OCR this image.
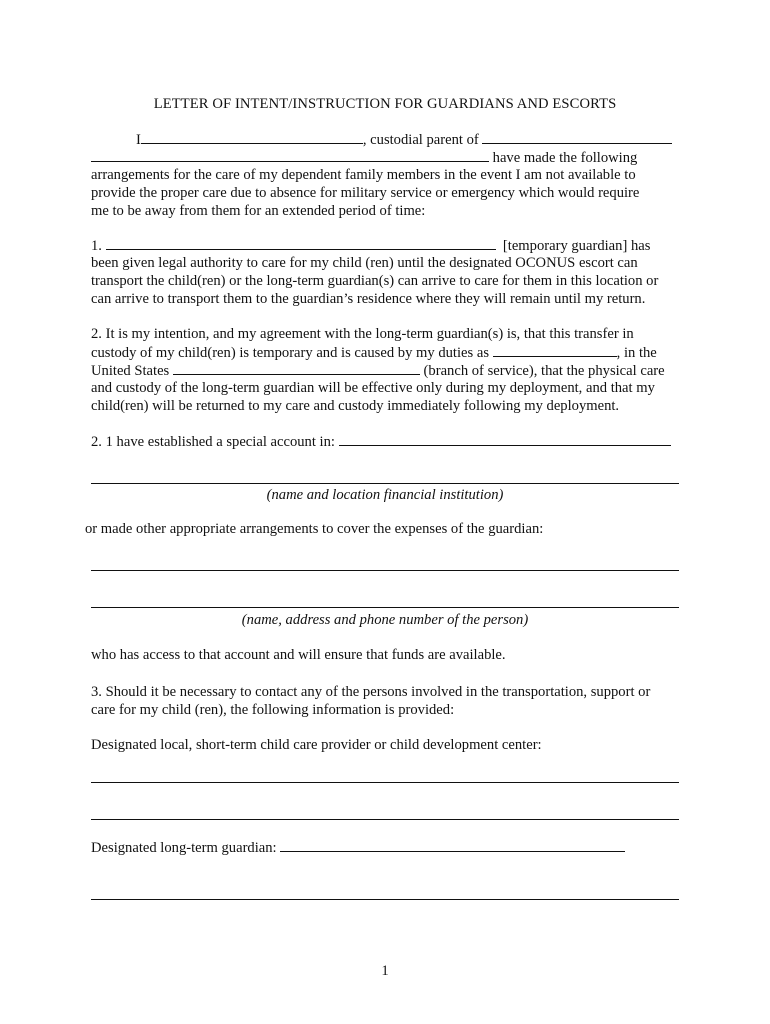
LETTER OF INTENT/INSTRUCTION FOR GUARDIANS AND ESCORTS
I	, custodial parent of
have made the following
arrangements for the care of my dependent family members in the event I am not available to
provide the proper care due to absence for military service or emergency which would require
me to be away from them for an extended period of time:
1.	[temporary guardian] has
been given legal authority to care for my child (ren) until the designated OCONUS escort can
transport the child(ren) or the long-term guardian(s) can arrive to care for them in this location or
can arrive to transport them to the guardian’s residence where they will remain until my return.
2. It is my intention, and my agreement with the long-term guardian(s) is, that this transfer in
custody of my child(ren) is temporary and is caused by my duties as	, in the
United States	(branch of service), that the physical care
and custody of the long-term guardian will be effective only during my deployment, and that my
child(ren) will be returned to my care and custody immediately following my deployment.
2. 1 have established a special account in:
(name and location financial institution)
or made other appropriate arrangements to cover the expenses of the guardian:
(name, address and phone number of the person)
who has access to that account and will ensure that funds are available.
3. Should it be necessary to contact any of the persons involved in the transportation, support or
care for my child (ren), the following information is provided:
Designated local, short-term child care provider or child development center:
Designated long-term guardian:
1
